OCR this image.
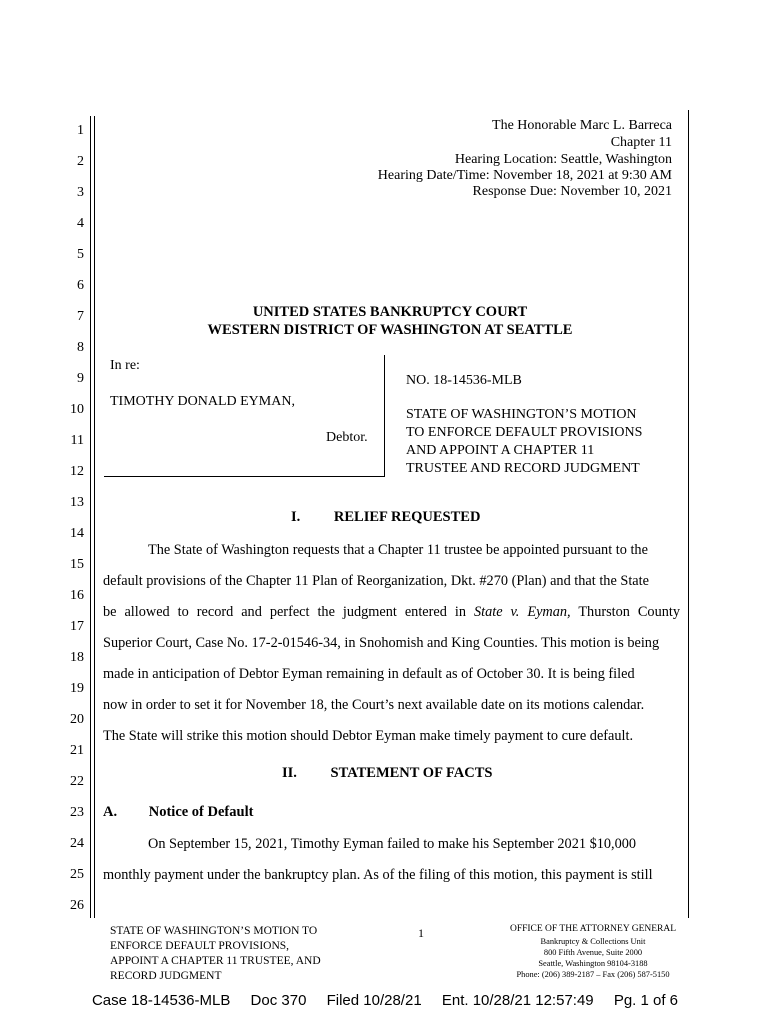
1
2
3
4
5
6
7
8
9
10
11
12
13
14
15
16
17
18
19
20
21
22
23
24
25
26
The Honorable Marc L. Barreca
Chapter 11
Hearing Location: Seattle, Washington
Hearing Date/Time: November 18, 2021 at 9:30 AM
Response Due: November 10, 2021
UNITED STATES BANKRUPTCY COURT
WESTERN DISTRICT OF WASHINGTON AT SEATTLE
In re:
TIMOTHY DONALD EYMAN,
Debtor.
NO. 18-14536-MLB
STATE OF WASHINGTON’S MOTION
TO ENFORCE DEFAULT PROVISIONS
AND APPOINT A CHAPTER 11
TRUSTEE AND RECORD JUDGMENT
I. RELIEF REQUESTED
The State of Washington requests that a Chapter 11 trustee be appointed pursuant to the
default provisions of the Chapter 11 Plan of Reorganization, Dkt. #270 (Plan) and that the State
be allowed to record and perfect the judgment entered in State v. Eyman, Thurston County
Superior Court, Case No. 17-2-01546-34, in Snohomish and King Counties. This motion is being
made in anticipation of Debtor Eyman remaining in default as of October 30. It is being filed
now in order to set it for November 18, the Court’s next available date on its motions calendar.
The State will strike this motion should Debtor Eyman make timely payment to cure default.
II. STATEMENT OF FACTS
A. Notice of Default
On September 15, 2021, Timothy Eyman failed to make his September 2021 $10,000
monthly payment under the bankruptcy plan. As of the filing of this motion, this payment is still
STATE OF WASHINGTON’S MOTION TO
ENFORCE DEFAULT PROVISIONS,
APPOINT A CHAPTER 11 TRUSTEE, AND
RECORD JUDGMENT
1	OFFICE OF THE ATTORNEY GENERAL
Bankruptcy & Collections Unit
800 Fifth Avenue, Suite 2000
Seattle, Washington 98104-3188
Phone: (206) 389-2187 – Fax (206) 587-5150
Case 18-14536-MLB Doc 370 Filed 10/28/21 Ent. 10/28/21 12:57:49 Pg. 1 of 6
